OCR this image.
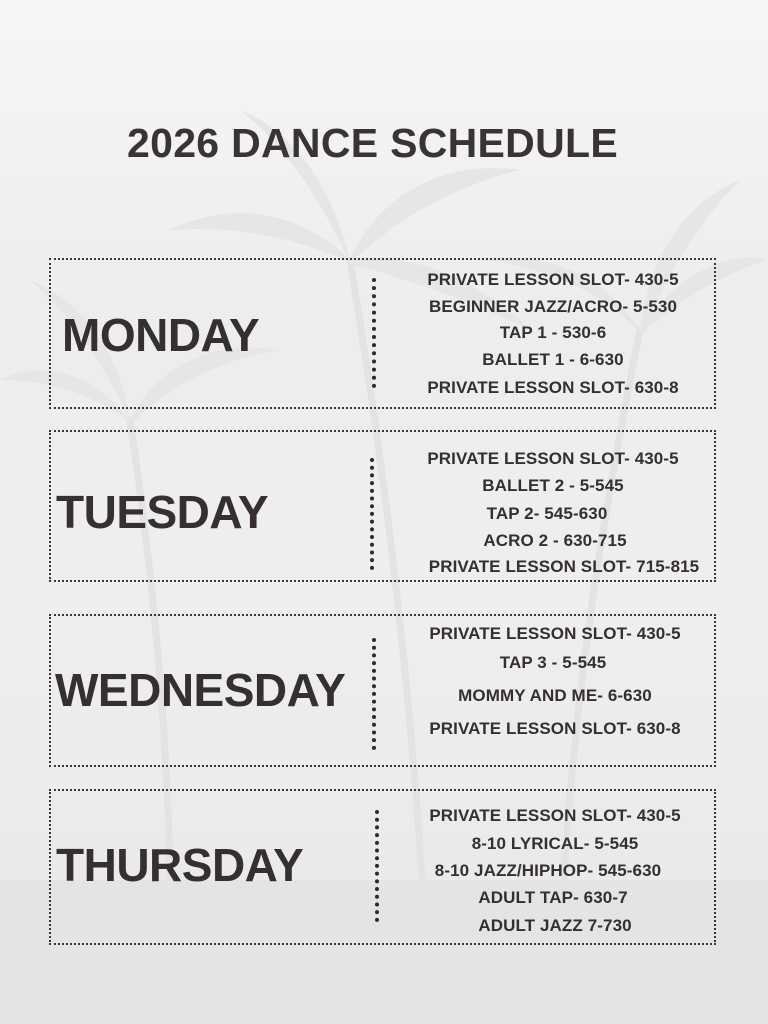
2026 DANCE SCHEDULE
MONDAY
PRIVATE LESSON SLOT- 430-5
BEGINNER JAZZ/ACRO- 5-530
TAP 1 - 530-6
BALLET 1 - 6-630
PRIVATE LESSON SLOT- 630-8
TUESDAY
PRIVATE LESSON SLOT- 430-5
BALLET 2 - 5-545
TAP 2- 545-630
ACRO 2 - 630-715
PRIVATE LESSON SLOT- 715-815
WEDNESDAY
PRIVATE LESSON SLOT- 430-5
TAP 3 - 5-545
MOMMY AND ME- 6-630
PRIVATE LESSON SLOT- 630-8
THURSDAY
PRIVATE LESSON SLOT- 430-5
8-10 LYRICAL- 5-545
8-10 JAZZ/HIPHOP- 545-630
ADULT TAP- 630-7
ADULT JAZZ 7-730
